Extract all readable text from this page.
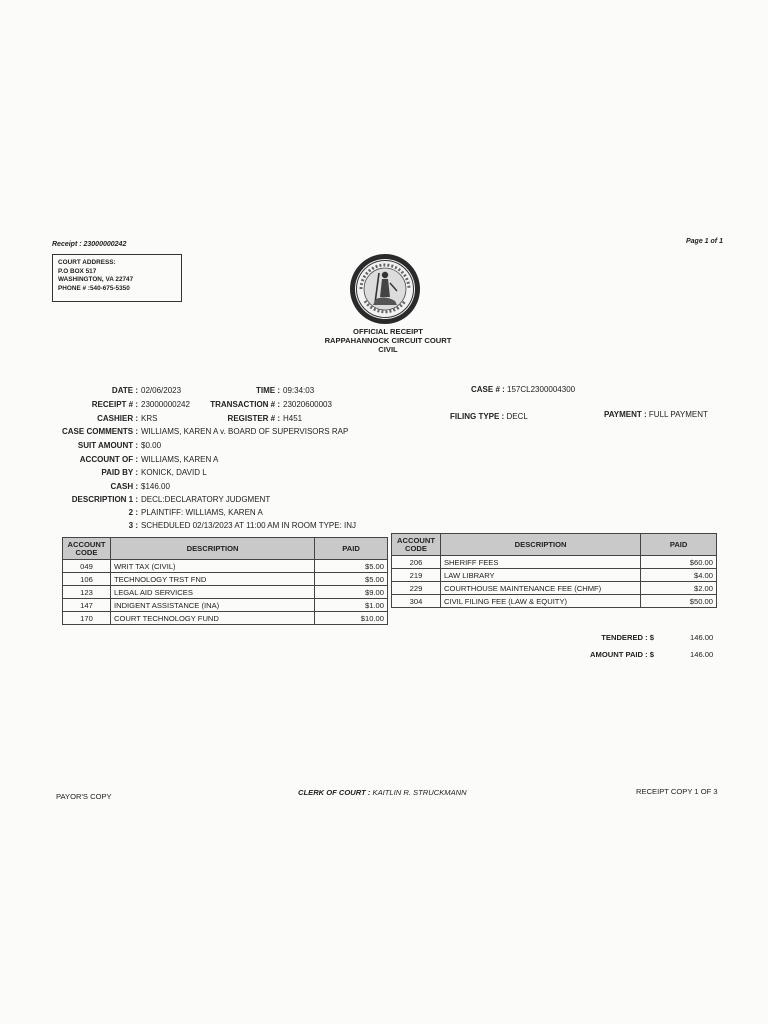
Receipt : 23000000242	Page 1 of 1
COURT ADDRESS:
P.O BOX 517
WASHINGTON, VA 22747
PHONE # :540-675-5350
OFFICIAL RECEIPT
RAPPAHANNOCK CIRCUIT COURT
CIVIL
DATE : 02/06/2023
RECEIPT # : 23000000242
CASHIER : KRS
CASE COMMENTS : WILLIAMS, KAREN A v. BOARD OF SUPERVISORS RAP
SUIT AMOUNT : $0.00
ACCOUNT OF : WILLIAMS, KAREN A
PAID BY : KONICK, DAVID L
CASH : $146.00
DESCRIPTION 1 : DECL:DECLARATORY JUDGMENT
2 : PLAINTIFF: WILLIAMS, KAREN A
3 : SCHEDULED 02/13/2023 AT 11:00 AM IN ROOM TYPE: INJ
TIME : 09:34:03
TRANSACTION # : 23020600003
REGISTER # : H451
CASE # : 157CL2300004300
FILING TYPE : DECL	PAYMENT : FULL PAYMENT
ACCOUNT
CODE	DESCRIPTION	PAID
049	WRIT TAX (CIVIL)	$5.00
106	TECHNOLOGY TRST FND	$5.00
123	LEGAL AID SERVICES	$9.00
147	INDIGENT ASSISTANCE (INA)	$1.00
170	COURT TECHNOLOGY FUND	$10.00
ACCOUNT
CODE	DESCRIPTION	PAID
206	SHERIFF FEES	$60.00
219	LAW LIBRARY	$4.00
229	COURTHOUSE MAINTENANCE FEE (CHMF)	$2.00
304	CIVIL FILING FEE (LAW & EQUITY)	$50.00
TENDERED : $	146.00
AMOUNT PAID : $	146.00
PAYOR'S COPY	CLERK OF COURT : KAITLIN R. STRUCKMANN	RECEIPT COPY 1 OF 3
